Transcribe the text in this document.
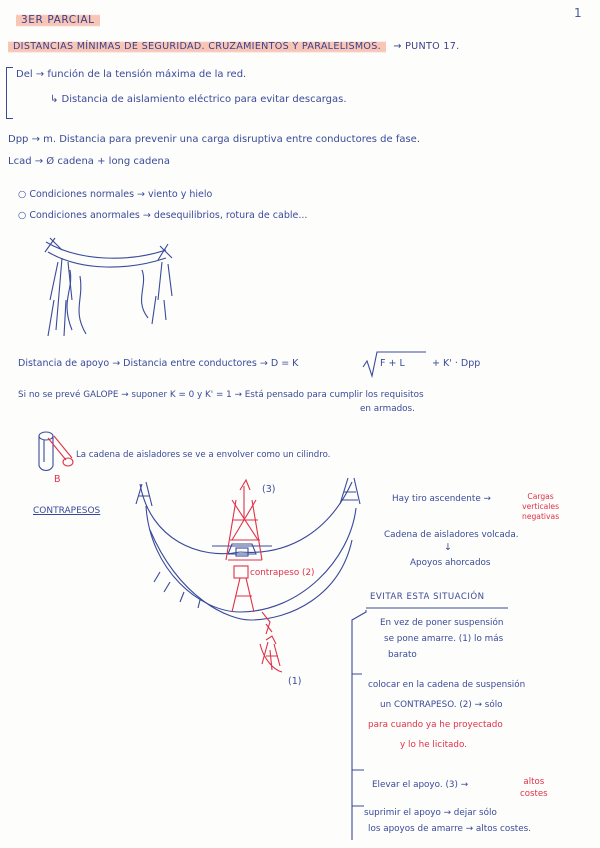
1
3ER PARCIAL
DISTANCIAS MÍNIMAS DE SEGURIDAD. CRUZAMIENTOS Y PARALELISMOS. → PUNTO 17.
Del → función de la tensión máxima de la red.
↳ Distancia de aislamiento eléctrico para evitar descargas.
Dpp → m. Distancia para prevenir una carga disruptiva entre conductores de fase.
Lcad → Ø cadena + long cadena
○ Condiciones normales → viento y hielo
○ Condiciones anormales → desequilibrios, rotura de cable...
Distancia de apoyo → Distancia entre conductores → D = K	F + L	+ K' · Dpp
Si no se prevé GALOPE → suponer K = 0 y K' = 1 → Está pensado para cumplir los requisitos
en armados.
B
La cadena de aisladores se ve a envolver como un cilindro.
CONTRAPESOS
(3)
contrapeso (2)
(1)
Hay tiro ascendente →	Cargas
verticales
negativas
Cadena de aisladores volcada.
↓
Apoyos ahorcados
EVITAR ESTA SITUACIÓN
En vez de poner suspensión
se pone amarre. (1) lo más
barato
colocar en la cadena de suspensión
un CONTRAPESO. (2) → sólo
para cuando ya he proyectado
y lo he licitado.
Elevar el apoyo. (3) →	altos
costes
suprimir el apoyo → dejar sólo
los apoyos de amarre → altos costes.
